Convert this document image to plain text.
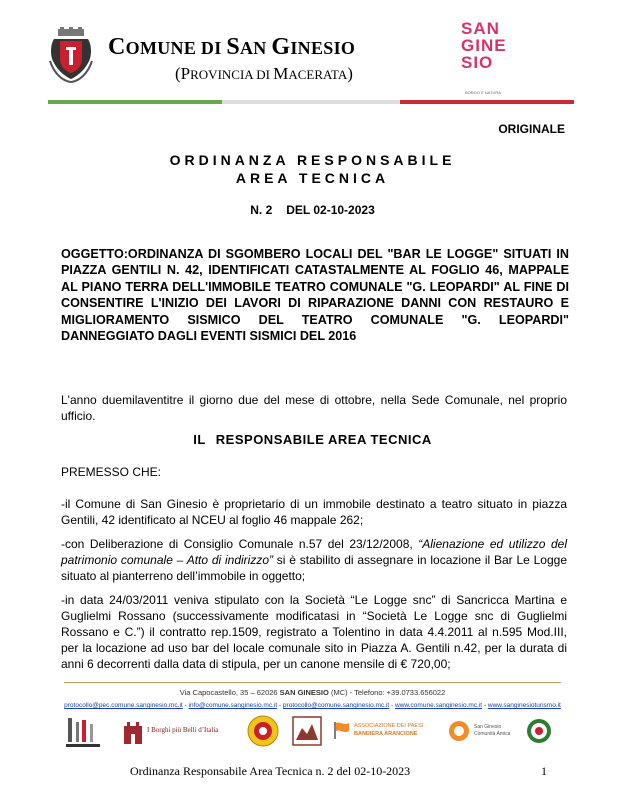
COMUNE DI SAN GINESIO
(PROVINCIA DI MACERATA)
SAN
GINE
SIO
BORGO E NATURA
ORIGINALE
ORDINANZA RESPONSABILE
AREA TECNICA
N. 2 DEL 02-10-2023
OGGETTO:ORDINANZA DI SGOMBERO LOCALI DEL "BAR LE LOGGE" SITUATI IN PIAZZA GENTILI N. 42, IDENTIFICATI CATASTALMENTE AL FOGLIO 46, MAPPALE AL PIANO TERRA DELL'IMMOBILE TEATRO COMUNALE "G. LEOPARDI" AL FINE DI CONSENTIRE L'INIZIO DEI LAVORI DI RIPARAZIONE DANNI CON RESTAURO E MIGLIORAMENTO SISMICO DEL TEATRO COMUNALE "G. LEOPARDI" DANNEGGIATO DAGLI EVENTI SISMICI DEL 2016
L'anno duemilaventitre il giorno due del mese di ottobre, nella Sede Comunale, nel proprio ufficio.
IL RESPONSABILE AREA TECNICA
PREMESSO CHE:
-il Comune di San Ginesio è proprietario di un immobile destinato a teatro situato in piazza Gentili, 42 identificato al NCEU al foglio 46 mappale 262;
-con Deliberazione di Consiglio Comunale n.57 del 23/12/2008, “Alienazione ed utilizzo del patrimonio comunale – Atto di indirizzo” si è stabilito di assegnare in locazione il Bar Le Logge situato al pianterreno dell’immobile in oggetto;
-in data 24/03/2011 veniva stipulato con la Società “Le Logge snc” di Sancricca Martina e Guglielmi Rossano (successivamente modificatasi in “Società Le Logge snc di Guglielmi Rossano e C.”) il contratto rep.1509, registrato a Tolentino in data 4.4.2011 al n.595 Mod.III, per la locazione ad uso bar del locale comunale sito in Piazza A. Gentili n.42, per la durata di anni 6 decorrenti dalla data di stipula, per un canone mensile di € 720,00;
Via Capocastello, 35 – 62026 SAN GINESIO (MC) - Telefono: +39.0733.656022
protocollo@pec.comune.sanginesio.mc.it - info@comune.sanginesio.mc.it - protocollo@comune.sanginesio.mc.it - www.comune.sanginesio.mc.it - www.sanginesioturismo.it
I Borghi più Belli d’Italia	ASSOCIAZIONE DEI PAESI
BANDIERA ARANCIONE
San Ginesio
Comunità Amica
Ordinanza Responsabile Area Tecnica n. 2 del 02-10-2023	1
